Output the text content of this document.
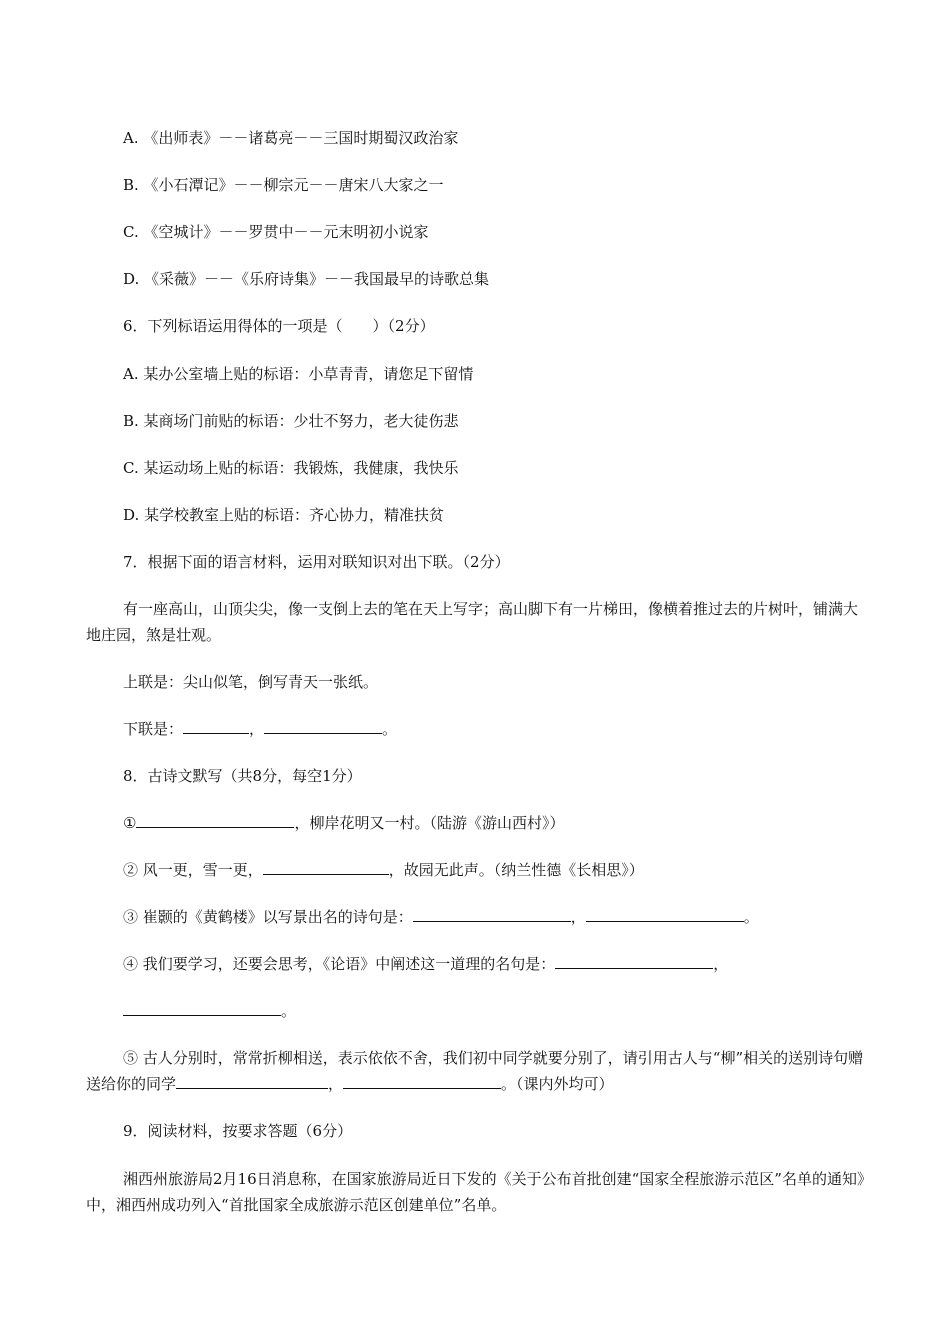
A. 《出师表》－－诸葛亮－－三国时期蜀汉政治家
B. 《小石潭记》－－柳宗元－－唐宋八大家之一
C. 《空城计》－－罗贯中－－元末明初小说家
D. 《采薇》－－《乐府诗集》－－我国最早的诗歌总集
6．下列标语运用得体的一项是（　　）（2分）
A. 某办公室墙上贴的标语：小草青青，请您足下留情
B. 某商场门前贴的标语：少壮不努力，老大徒伤悲
C. 某运动场上贴的标语：我锻炼，我健康，我快乐
D. 某学校教室上贴的标语：齐心协力，精准扶贫
7．根据下面的语言材料，运用对联知识对出下联。（2分）
有一座高山，山顶尖尖，像一支倒上去的笔在天上写字；高山脚下有一片梯田，像横着推过去的片树叶，铺满大地庄园，煞是壮观。
上联是：尖山似笔，倒写青天一张纸。
下联是：	，	。
8．古诗文默写（共8分，每空1分）
①	，柳岸花明又一村。（陆游《游山西村》）
② 风一更，雪一更，	，故园无此声。（纳兰性德《长相思》）
③ 崔颢的《黄鹤楼》以写景出名的诗句是：	，	。
④ 我们要学习，还要会思考，《论语》中阐述这一道理的名句是：	，
。
⑤ 古人分别时，常常折柳相送，表示依依不舍，我们初中同学就要分别了，请引用古人与“柳”相关的送别诗句赠送给你的同学	，	。（课内外均可）
9．阅读材料，按要求答题（6分）
湘西州旅游局2月16日消息称，在国家旅游局近日下发的《关于公布首批创建“国家全程旅游示范区”名单的通知》中，湘西州成功列入“首批国家全成旅游示范区创建单位”名单。
